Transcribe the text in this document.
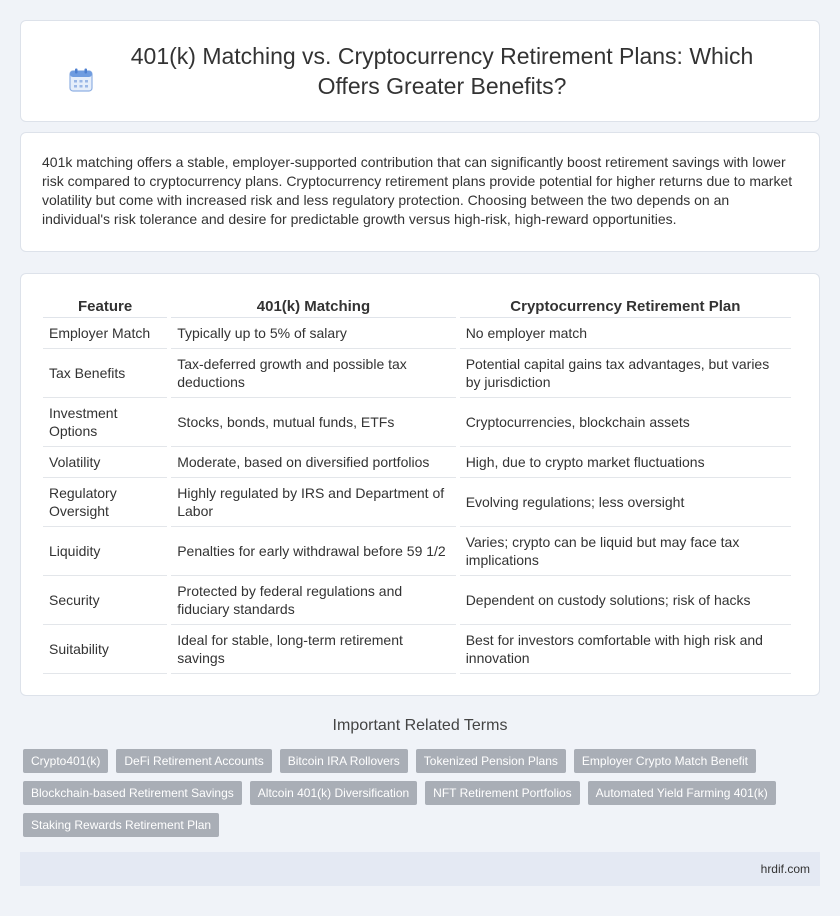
401(k) Matching vs. Cryptocurrency Retirement Plans: Which Offers Greater Benefits?

401k matching offers a stable, employer-supported contribution that can significantly boost retirement savings with lower risk compared to cryptocurrency plans. Cryptocurrency retirement plans provide potential for higher returns due to market volatility but come with increased risk and less regulatory protection. Choosing between the two depends on an individual's risk tolerance and desire for predictable growth versus high-risk, high-reward opportunities.

Feature	401(k) Matching	Cryptocurrency Retirement Plan
Employer Match	Typically up to 5% of salary	No employer match
Tax Benefits	Tax-deferred growth and possible tax deductions	Potential capital gains tax advantages, but varies by jurisdiction
Investment Options	Stocks, bonds, mutual funds, ETFs	Cryptocurrencies, blockchain assets
Volatility	Moderate, based on diversified portfolios	High, due to crypto market fluctuations
Regulatory Oversight	Highly regulated by IRS and Department of Labor	Evolving regulations; less oversight
Liquidity	Penalties for early withdrawal before 59 1/2	Varies; crypto can be liquid but may face tax implications
Security	Protected by federal regulations and fiduciary standards	Dependent on custody solutions; risk of hacks
Suitability	Ideal for stable, long-term retirement savings	Best for investors comfortable with high risk and innovation
Important Related Terms
Crypto401(k)	DeFi Retirement Accounts	Bitcoin IRA Rollovers	Tokenized Pension Plans	Employer Crypto Match Benefit
Blockchain-based Retirement Savings	Altcoin 401(k) Diversification	NFT Retirement Portfolios	Automated Yield Farming 401(k)
Staking Rewards Retirement Plan
hrdif.com
